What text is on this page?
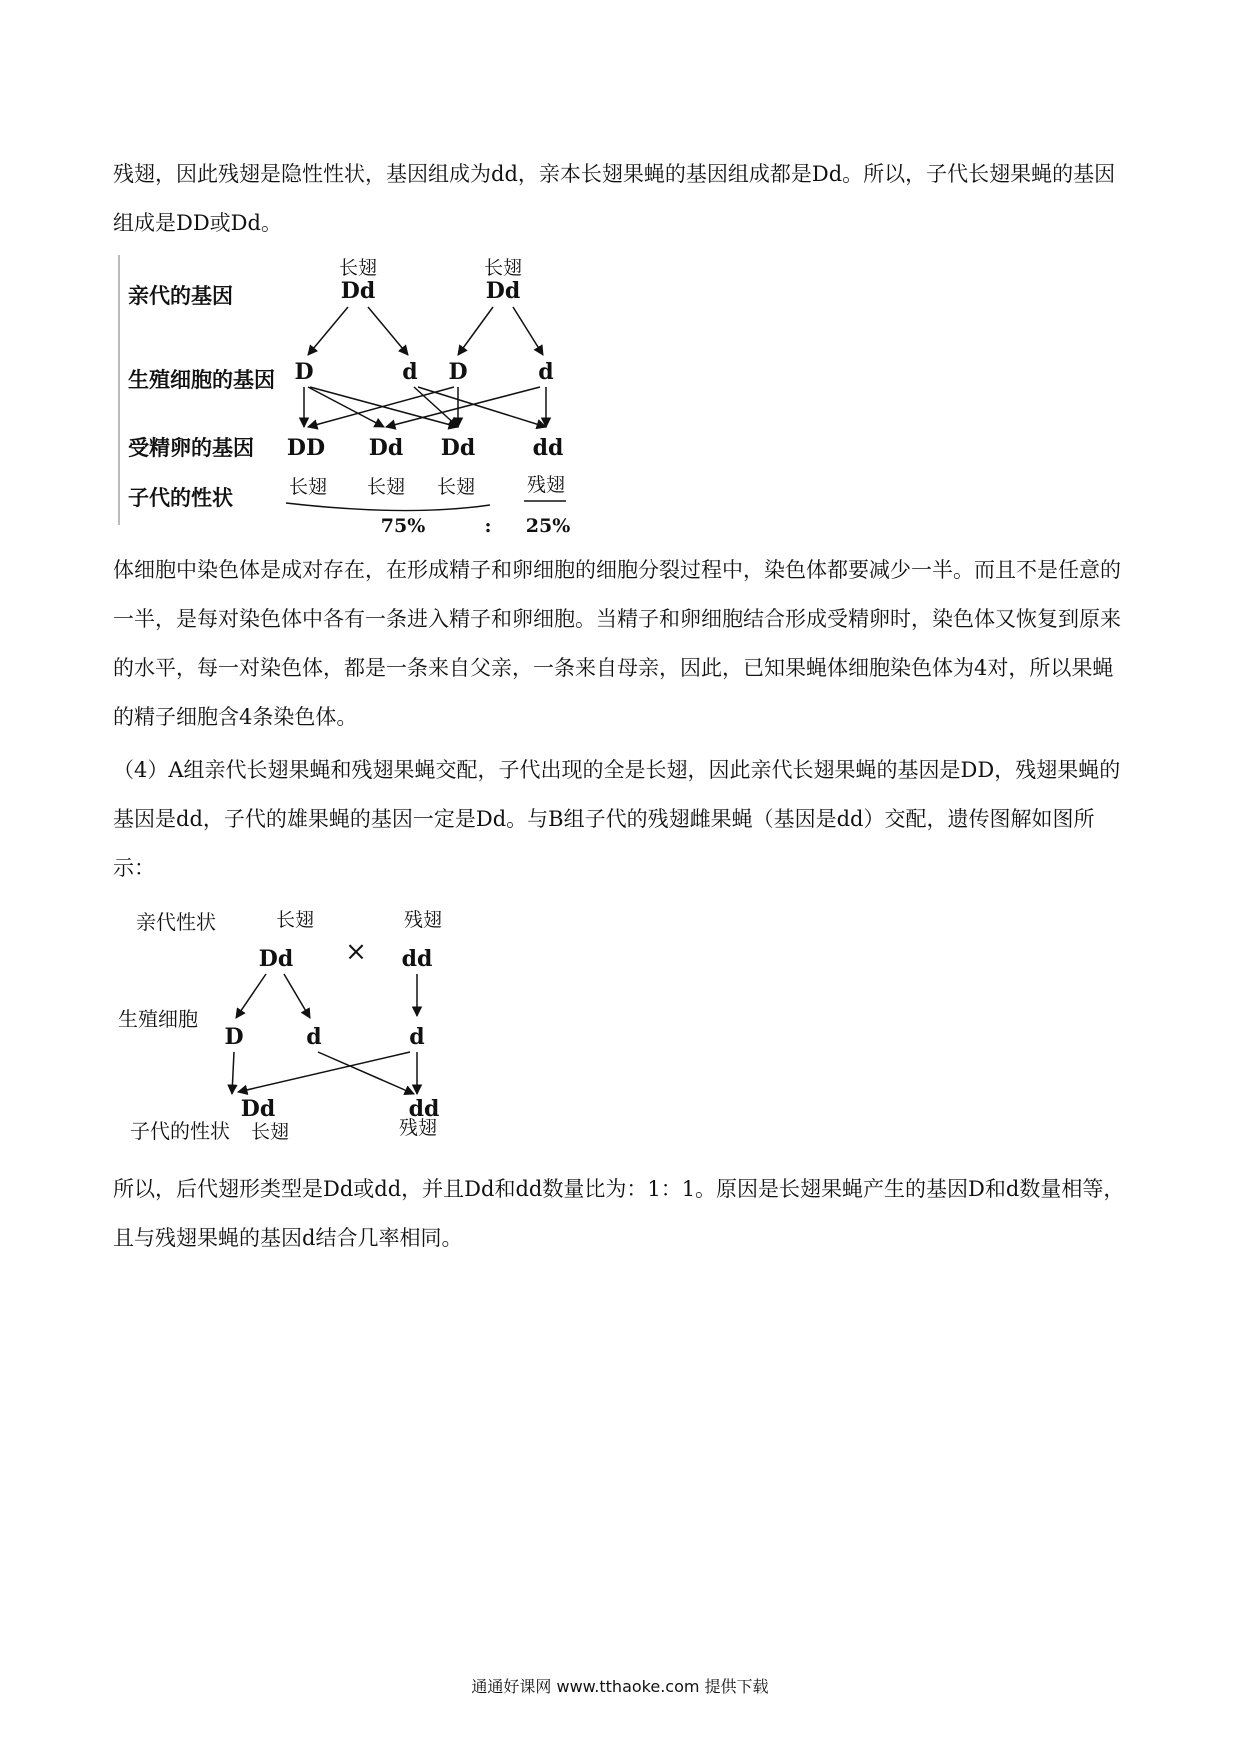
残翅，因此残翅是隐性性状，基因组成为dd，亲本长翅果蝇的基因组成都是Dd。所以，子代长翅果蝇的基因组成是DD或Dd。

亲代的基因
生殖细胞的基因
受精卵的基因
子代的性状
长翅
Dd
长翅
Dd
D	d D	d
DD Dd Dd	dd
长翅 长翅 长翅	残翅
75%	: 25%

体细胞中染色体是成对存在，在形成精子和卵细胞的细胞分裂过程中，染色体都要减少一半。而且不是任意的一半，是每对染色体中各有一条进入精子和卵细胞。当精子和卵细胞结合形成受精卵时，染色体又恢复到原来的水平，每一对染色体，都是一条来自父亲，一条来自母亲，因此，已知果蝇体细胞染色体为4对，所以果蝇的精子细胞含4条染色体。

（4）A组亲代长翅果蝇和残翅果蝇交配，子代出现的全是长翅，因此亲代长翅果蝇的基因是DD，残翅果蝇的基因是dd，子代的雄果蝇的基因一定是Dd。与B组子代的残翅雌果蝇（基因是dd）交配，遗传图解如图所示：

亲代性状
生殖细胞
子代的性状
长翅
Dd ×
残翅
dd
D	d	d
Dd
长翅
dd
残翅

所以，后代翅形类型是Dd或dd，并且Dd和dd数量比为：1：1。原因是长翅果蝇产生的基因D和d数量相等，且与残翅果蝇的基因d结合几率相同。

通通好课网 www.tthaoke.com 提供下载
